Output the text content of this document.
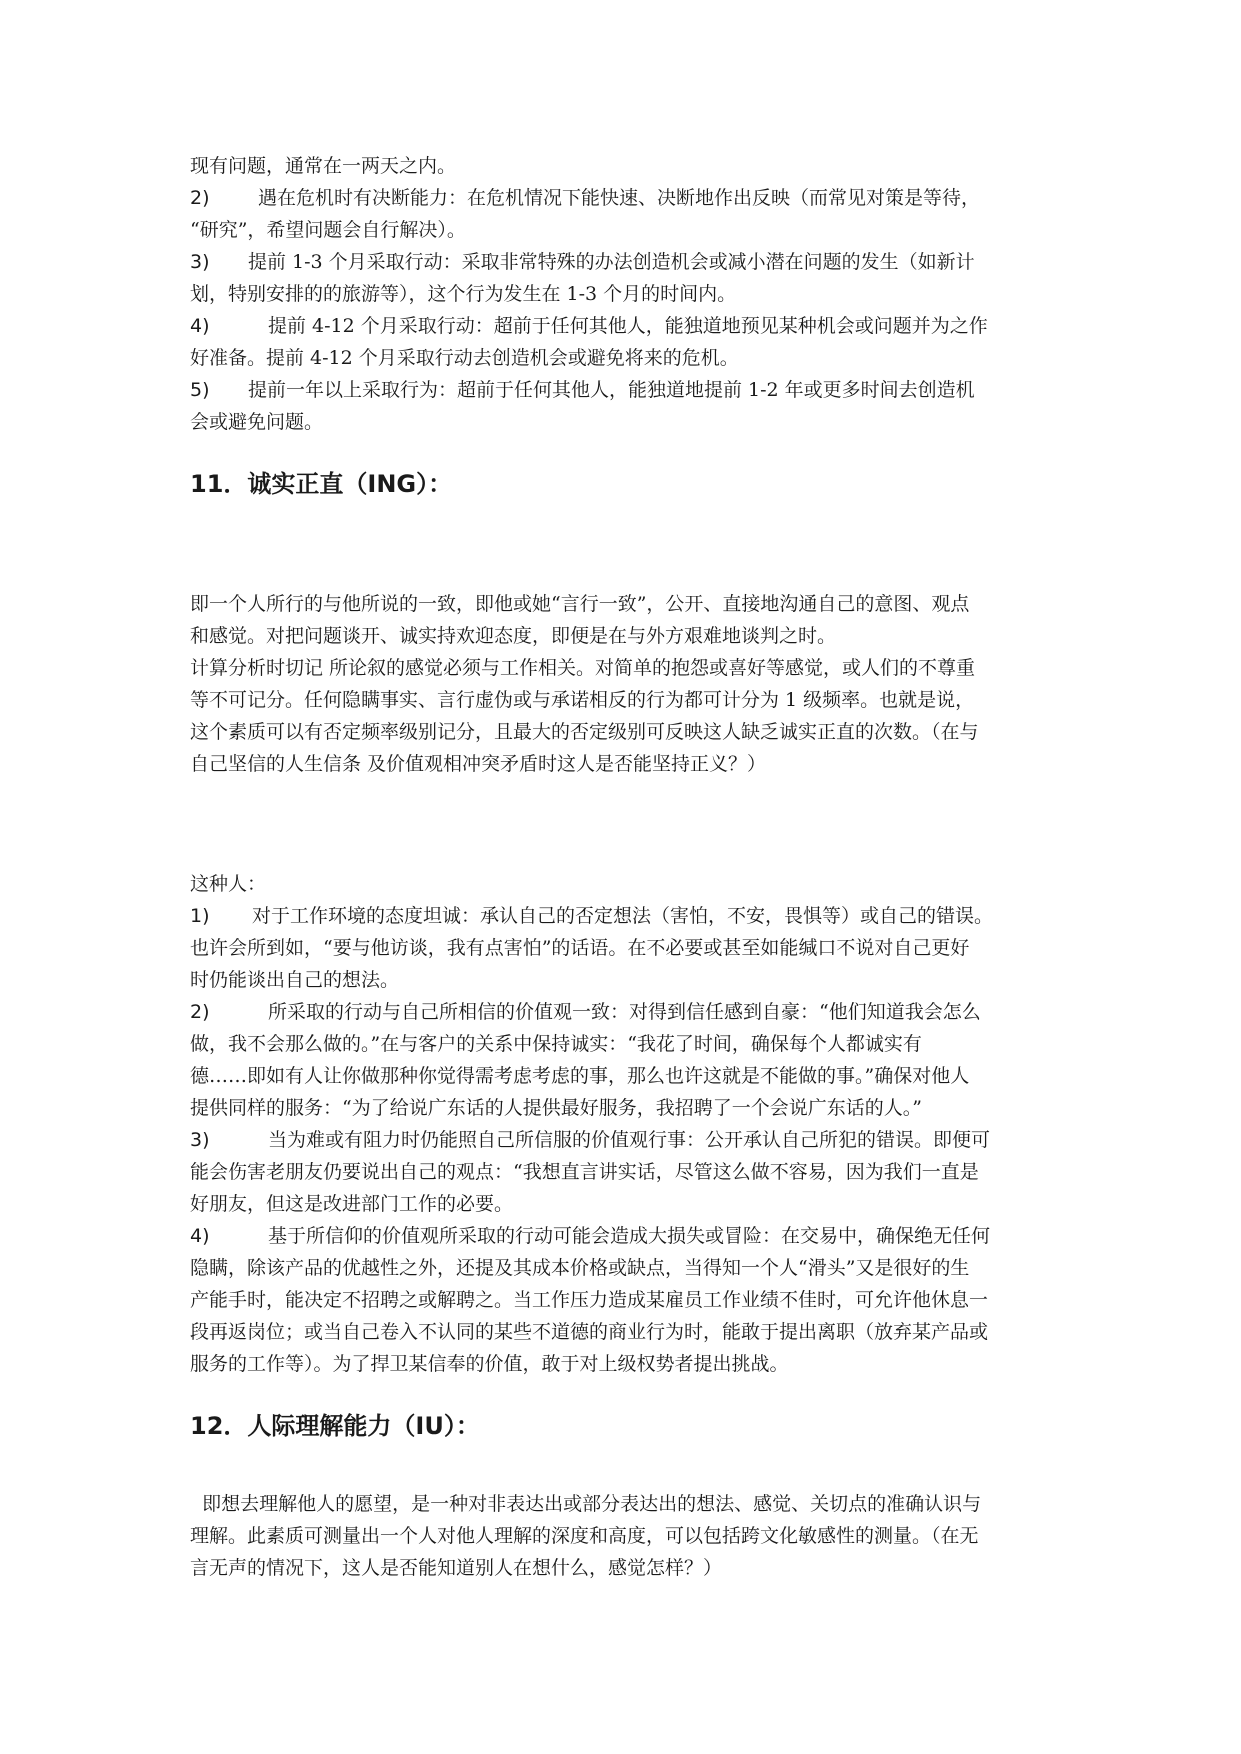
现有问题，通常在一两天之内。
2)	遇在危机时有决断能力：在危机情况下能快速、决断地作出反映（而常见对策是等待，
“研究”，希望问题会自行解决）。
3) 提前 1-3 个月采取行动：采取非常特殊的办法创造机会或减小潜在问题的发生（如新计
划，特别安排的的旅游等），这个行为发生在 1-3 个月的时间内。
4)	提前 4-12 个月采取行动：超前于任何其他人，能独道地预见某种机会或问题并为之作
好准备。提前 4-12 个月采取行动去创造机会或避免将来的危机。
5) 提前一年以上采取行为：超前于任何其他人，能独道地提前 1-2 年或更多时间去创造机
会或避免问题。
11．诚实正直（ING）：
即一个人所行的与他所说的一致，即他或她“言行一致”，公开、直接地沟通自己的意图、观点
和感觉。对把问题谈开、诚实持欢迎态度，即便是在与外方艰难地谈判之时。
计算分析时切记 所论叙的感觉必须与工作相关。对简单的抱怨或喜好等感觉，或人们的不尊重
等不可记分。任何隐瞒事实、言行虚伪或与承诺相反的行为都可计分为 1 级频率。也就是说，
这个素质可以有否定频率级别记分，且最大的否定级别可反映这人缺乏诚实正直的次数。（在与
自己坚信的人生信条 及价值观相冲突矛盾时这人是否能坚持正义？）
这种人：
1) 对于工作环境的态度坦诚：承认自己的否定想法（害怕，不安，畏惧等）或自己的错误。
也许会所到如，“要与他访谈，我有点害怕”的话语。在不必要或甚至如能缄口不说对自己更好
时仍能谈出自己的想法。
2)	所采取的行动与自己所相信的价值观一致：对得到信任感到自豪：“他们知道我会怎么
做，我不会那么做的。”在与客户的关系中保持诚实：“我花了时间，确保每个人都诚实有
德……即如有人让你做那种你觉得需考虑考虑的事，那么也许这就是不能做的事。”确保对他人
提供同样的服务：“为了给说广东话的人提供最好服务，我招聘了一个会说广东话的人。”
3)	当为难或有阻力时仍能照自己所信服的价值观行事：公开承认自己所犯的错误。即便可
能会伤害老朋友仍要说出自己的观点：“我想直言讲实话，尽管这么做不容易，因为我们一直是
好朋友，但这是改进部门工作的必要。
4)	基于所信仰的价值观所采取的行动可能会造成大损失或冒险：在交易中，确保绝无任何
隐瞒，除该产品的优越性之外，还提及其成本价格或缺点，当得知一个人“滑头”又是很好的生
产能手时，能决定不招聘之或解聘之。当工作压力造成某雇员工作业绩不佳时，可允许他休息一
段再返岗位；或当自己卷入不认同的某些不道德的商业行为时，能敢于提出离职（放弃某产品或
服务的工作等）。为了捍卫某信奉的价值，敢于对上级权势者提出挑战。
12．人际理解能力（IU）：
即想去理解他人的愿望，是一种对非表达出或部分表达出的想法、感觉、关切点的准确认识与
理解。此素质可测量出一个人对他人理解的深度和高度，可以包括跨文化敏感性的测量。（在无
言无声的情况下，这人是否能知道别人在想什么，感觉怎样？）
